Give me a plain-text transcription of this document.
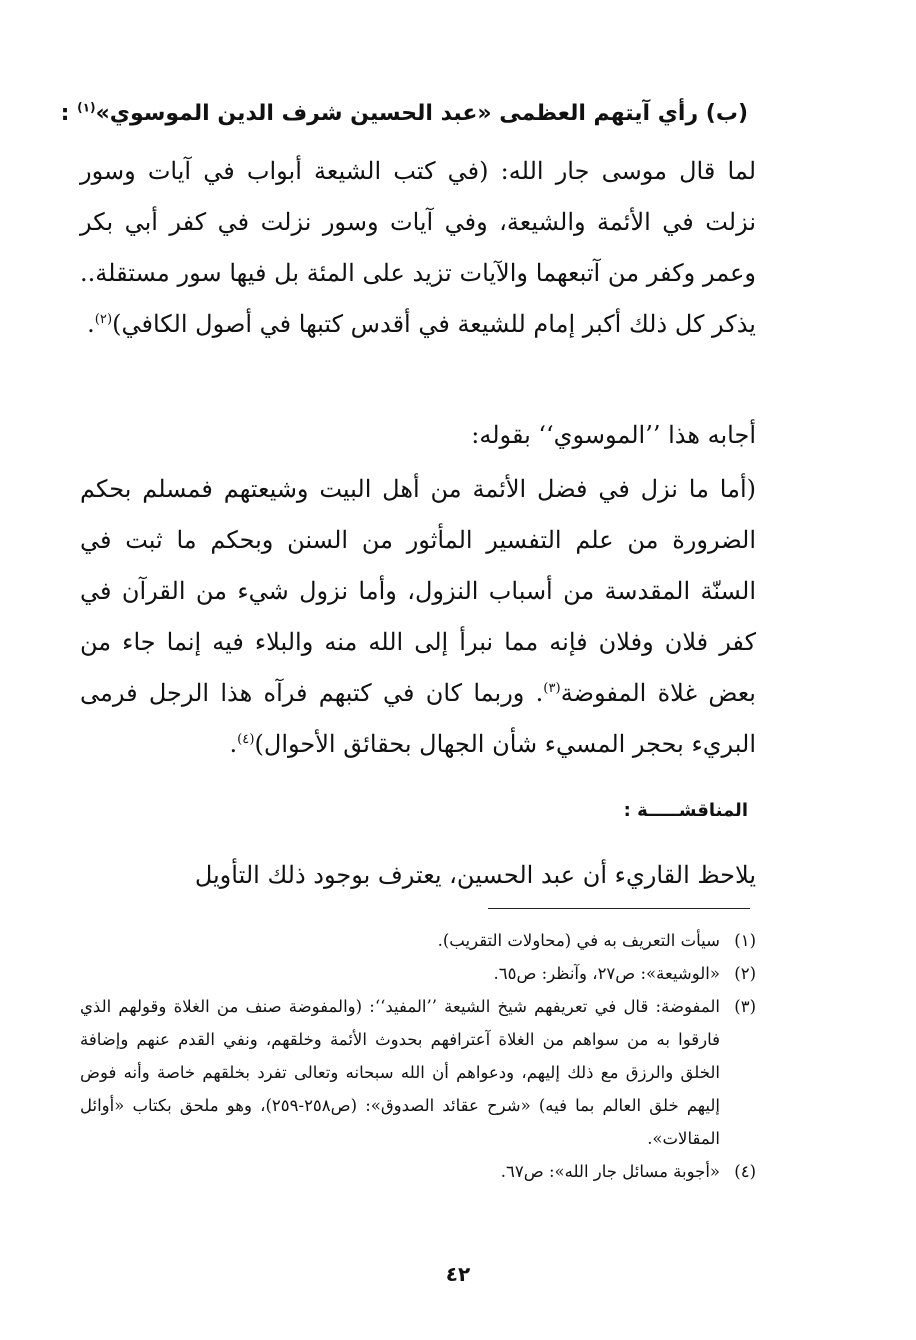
(ب) رأي آيتهم العظمى «عبد الحسين شرف الدين الموسوي»$^{(١)}$ :
لما قال موسى جار الله: (في كتب الشيعة أبواب في آيات وسور نزلت في الأئمة والشيعة، وفي آيات وسور نزلت في كفر أبي بكر وعمر وكفر من آتبعهما والآيات تزيد على المئة بل فيها سور مستقلة.. يذكر كل ذلك أكبر إمام للشيعة في أقدس كتبها في أصول الكافي)$^{(٢)}$.
أجابه هذا ’’الموسوي‘‘ بقوله:
(أما ما نزل في فضل الأئمة من أهل البيت وشيعتهم فمسلم بحكم الضرورة من علم التفسير المأثور من السنن وبحكم ما ثبت في السنّة المقدسة من أسباب النزول، وأما نزول شيء من القرآن في كفر فلان وفلان فإنه مما نبرأ إلى الله منه والبلاء فيه إنما جاء من بعض غلاة المفوضة$^{(٣)}$. وربما كان في كتبهم فرآه هذا الرجل فرمى البريء بحجر المسيء شأن الجهال بحقائق الأحوال)$^{(٤)}$.
المناقشـــــة :
يلاحظ القاريء أن عبد الحسين، يعترف بوجود ذلك التأويل
(١)
سيأت التعريف به في (محاولات التقريب).
(٢)
«الوشيعة»: ص٢٧، وآنظر: ص٦٥.
(٣)
المفوضة: قال في تعريفهم شيخ الشيعة ’’المفيد‘‘: (والمفوضة صنف من الغلاة وقولهم الذي فارقوا به من سواهم من الغلاة آعترافهم بحدوث الأئمة وخلقهم، ونفي القدم عنهم وإضافة الخلق والرزق مع ذلك إليهم، ودعواهم أن الله سبحانه وتعالى تفرد بخلقهم خاصة وأنه فوض إليهم خلق العالم بما فيه) «شرح عقائد الصدوق»: (ص٢٥٨-٢٥٩)، وهو ملحق بكتاب «أوائل المقالات».
(٤)
«أجوبة مسائل جار الله»: ص٦٧.
٤٢
